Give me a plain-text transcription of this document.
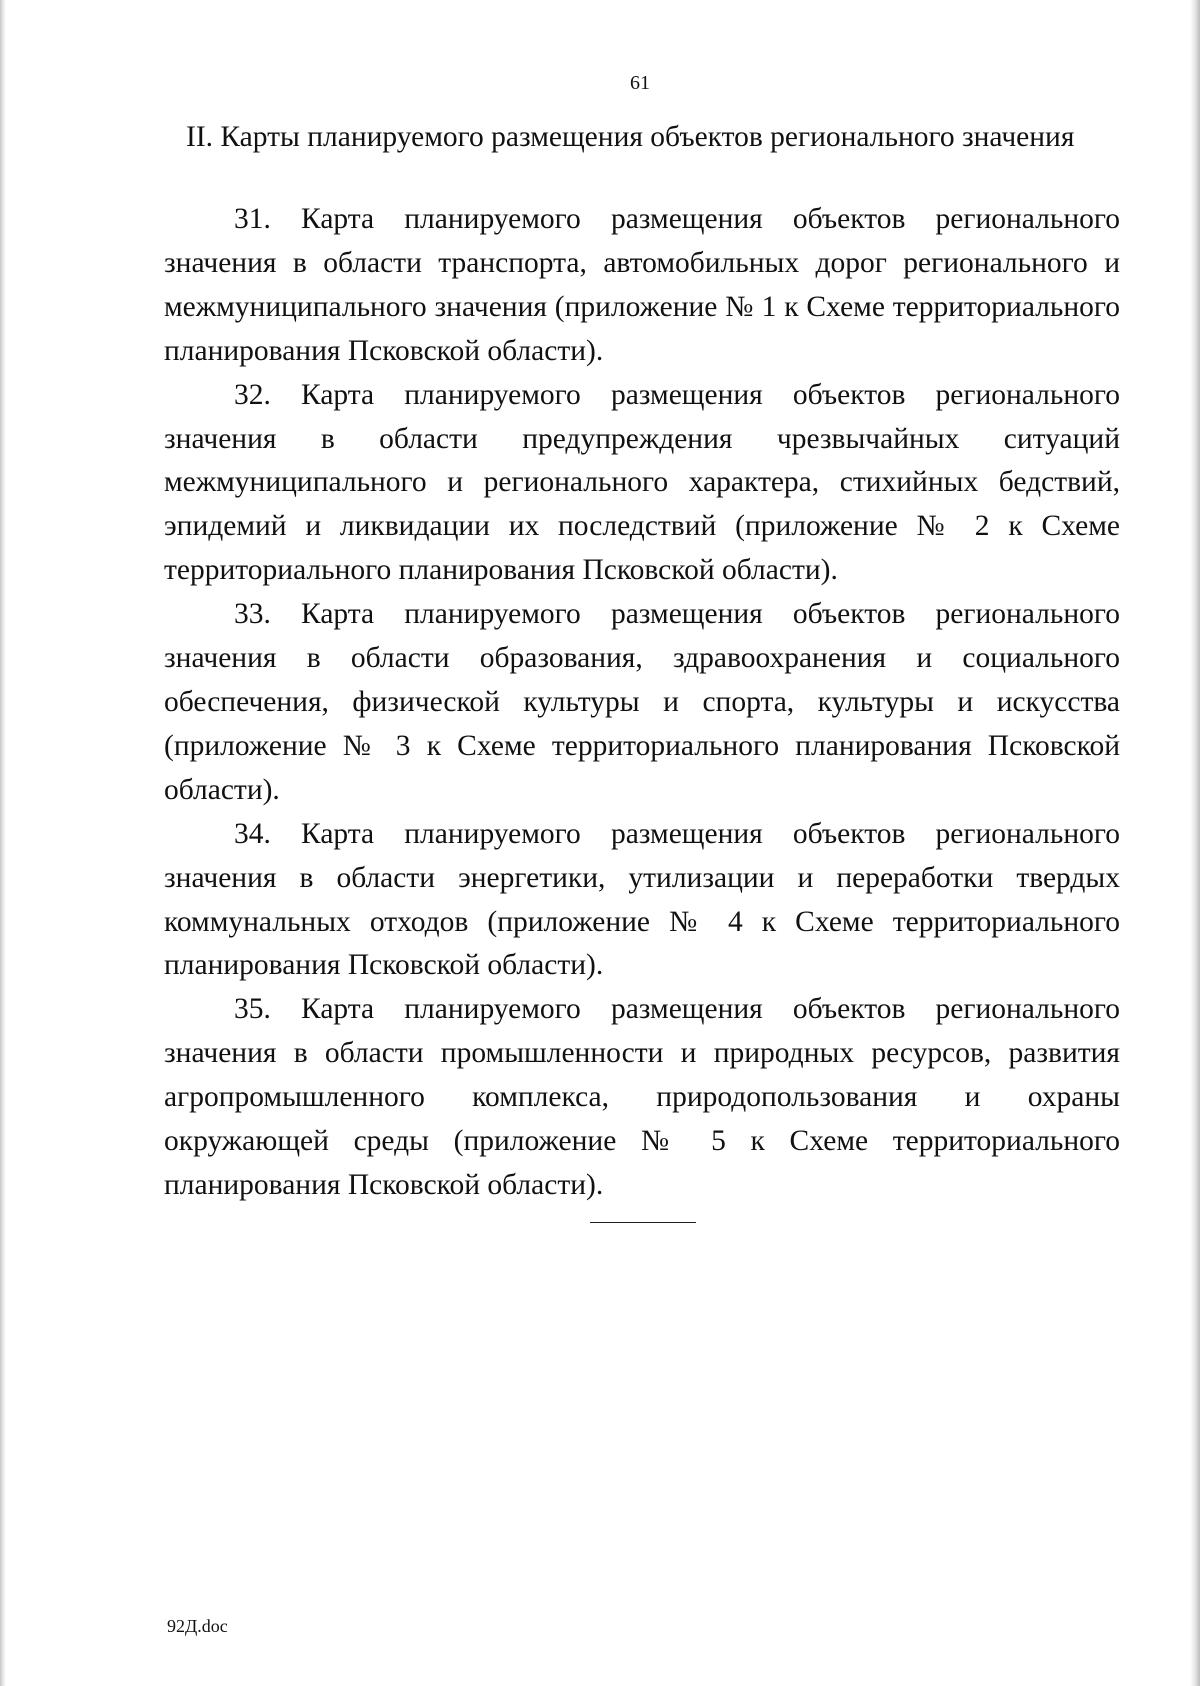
61
II. Карты планируемого размещения объектов регионального значения

31. Карта планируемого размещения объектов регионального значения в области транспорта, автомобильных дорог регионального и межмуниципального значения (приложение № 1 к Схеме территориального планирования Псковской области).

32. Карта планируемого размещения объектов регионального значения в области предупреждения чрезвычайных ситуаций межмуниципального и регионального характера, стихийных бедствий, эпидемий и ликвидации их последствий (приложение № 2 к Схеме территориального планирования Псковской области).

33. Карта планируемого размещения объектов регионального значения в области образования, здравоохранения и социального обеспечения, физической культуры и спорта, культуры и искусства (приложение № 3 к Схеме территориального планирования Псковской области).

34. Карта планируемого размещения объектов регионального значения в области энергетики, утилизации и переработки твердых коммунальных отходов (приложение № 4 к Схеме территориального планирования Псковской области).

35. Карта планируемого размещения объектов регионального значения в области промышленности и природных ресурсов, развития агропромышленного комплекса, природопользования и охраны окружающей среды (приложение № 5 к Схеме территориального планирования Псковской области).

92Д.doc
